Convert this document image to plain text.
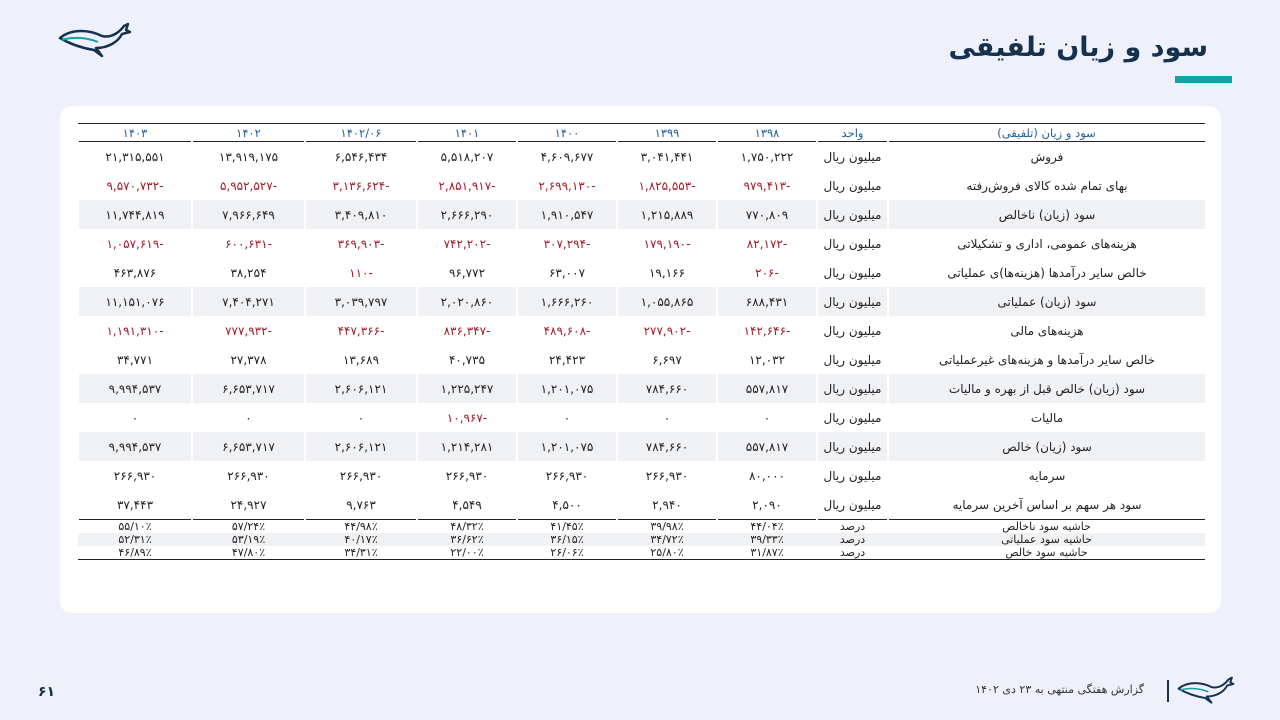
سود و زیان تلفیقی
سود و زیان (تلفیقی)	واحد	۱۳۹۸	۱۳۹۹	۱۴۰۰	۱۴۰۱	۱۴۰۲/۰۶	۱۴۰۲	۱۴۰۳
فروش	میلیون ریال	۱,۷۵۰,۲۲۲	۳,۰۴۱,۴۴۱	۴,۶۰۹,۶۷۷	۵,۵۱۸,۲۰۷	۶,۵۴۶,۴۳۴	۱۳,۹۱۹,۱۷۵	۲۱,۳۱۵,۵۵۱
بهای تمام شده کالای فروش‌رفته	میلیون ریال	-۹۷۹,۴۱۳	-۱,۸۲۵,۵۵۳	-۲,۶۹۹,۱۳۰	-۲,۸۵۱,۹۱۷	-۳,۱۳۶,۶۲۴	-۵,۹۵۲,۵۲۷	-۹,۵۷۰,۷۳۲
سود (زیان) ناخالص	میلیون ریال	۷۷۰,۸۰۹	۱,۲۱۵,۸۸۹	۱,۹۱۰,۵۴۷	۲,۶۶۶,۲۹۰	۳,۴۰۹,۸۱۰	۷,۹۶۶,۶۴۹	۱۱,۷۴۴,۸۱۹
هزینه‌های عمومی، اداری و تشکیلاتی	میلیون ریال	-۸۲,۱۷۲	-۱۷۹,۱۹۰	-۳۰۷,۲۹۴	-۷۴۲,۲۰۲	-۳۶۹,۹۰۳	-۶۰۰,۶۳۱	-۱,۰۵۷,۶۱۹
خالص سایر درآمدها (هزینه‌ها)ی عملیاتی	میلیون ریال	-۲۰۶	۱۹,۱۶۶	۶۳,۰۰۷	۹۶,۷۷۲	-۱۱۰	۳۸,۲۵۴	۴۶۳,۸۷۶
سود (زیان) عملیاتی	میلیون ریال	۶۸۸,۴۳۱	۱,۰۵۵,۸۶۵	۱,۶۶۶,۲۶۰	۲,۰۲۰,۸۶۰	۳,۰۳۹,۷۹۷	۷,۴۰۴,۲۷۱	۱۱,۱۵۱,۰۷۶
هزینه‌های مالی	میلیون ریال	-۱۴۲,۶۴۶	-۲۷۷,۹۰۲	-۴۸۹,۶۰۸	-۸۳۶,۳۴۷	-۴۴۷,۳۶۶	-۷۷۷,۹۳۲	-۱,۱۹۱,۳۱۰
خالص سایر درآمدها و هزینه‌های غیرعملیاتی	میلیون ریال	۱۲,۰۳۲	۶,۶۹۷	۲۴,۴۲۳	۴۰,۷۳۵	۱۳,۶۸۹	۲۷,۳۷۸	۳۴,۷۷۱
سود (زیان) خالص قبل از بهره و مالیات	میلیون ریال	۵۵۷,۸۱۷	۷۸۴,۶۶۰	۱,۲۰۱,۰۷۵	۱,۲۲۵,۲۴۷	۲,۶۰۶,۱۲۱	۶,۶۵۳,۷۱۷	۹,۹۹۴,۵۳۷
مالیات	میلیون ریال	۰	۰	۰	-۱۰,۹۶۷	۰	۰	۰
سود (زیان) خالص	میلیون ریال	۵۵۷,۸۱۷	۷۸۴,۶۶۰	۱,۲۰۱,۰۷۵	۱,۲۱۴,۲۸۱	۲,۶۰۶,۱۲۱	۶,۶۵۳,۷۱۷	۹,۹۹۴,۵۳۷
سرمایه	میلیون ریال	۸۰,۰۰۰	۲۶۶,۹۳۰	۲۶۶,۹۳۰	۲۶۶,۹۳۰	۲۶۶,۹۳۰	۲۶۶,۹۳۰	۲۶۶,۹۳۰
سود هر سهم بر اساس آخرین سرمایه	میلیون ریال	۲,۰۹۰	۲,۹۴۰	۴,۵۰۰	۴,۵۴۹	۹,۷۶۳	۲۴,۹۲۷	۳۷,۴۴۳
حاشیه سود ناخالص	درصد	۴۴/۰۴٪	۳۹/۹۸٪	۴۱/۴۵٪	۴۸/۳۲٪	۴۴/۹۸٪	۵۷/۲۴٪	۵۵/۱۰٪
حاشیه سود عملیاتی	درصد	۳۹/۳۳٪	۳۴/۷۲٪	۳۶/۱۵٪	۳۶/۶۲٪	۴۰/۱۷٪	۵۳/۱۹٪	۵۲/۳۱٪
حاشیه سود خالص	درصد	۳۱/۸۷٪	۲۵/۸۰٪	۲۶/۰۶٪	۲۲/۰۰٪	۳۴/۳۱٪	۴۷/۸۰٪	۴۶/۸۹٪
گزارش هفتگی منتهی به ۲۳ دی ۱۴۰۲
۶۱
